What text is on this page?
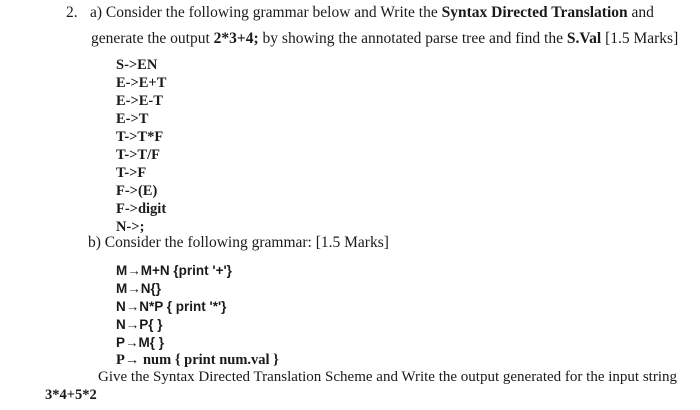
2. a) Consider the following grammar below and Write the Syntax Directed Translation and
generate the output 2*3+4; by showing the annotated parse tree and find the S.Val [1.5 Marks]
S->EN
E->E+T
E->E-T
E->T
T->T*F
T->T/F
T->F
F->(E)
F->digit
N->;
b) Consider the following grammar: [1.5 Marks]
M→M+N {print '+'}
M→N{}
N→N*P { print '*'}
N→P{ }
P→M{ }
P→ num { print num.val }
Give the Syntax Directed Translation Scheme and Write the output generated for the input string
3*4+5*2
